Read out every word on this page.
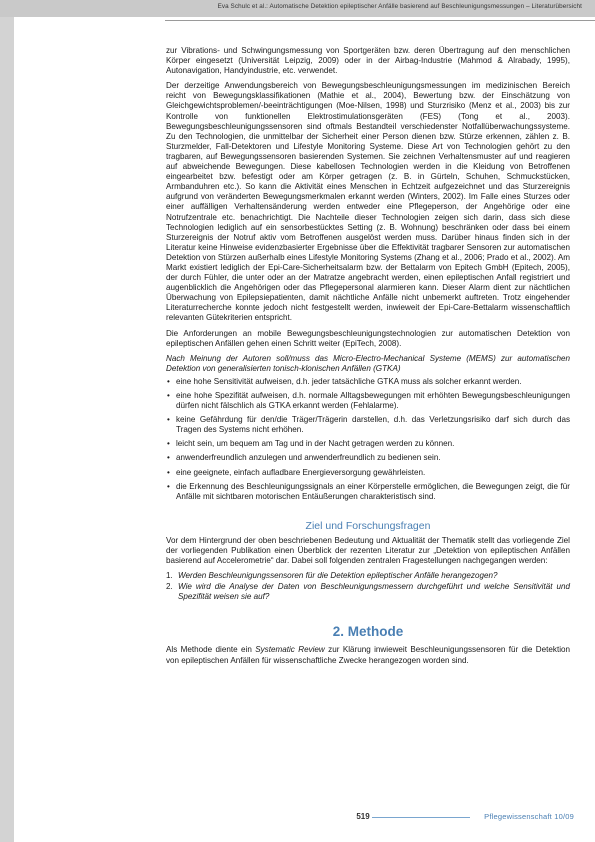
Eva Schulc et al.: Automatische Detektion epileptischer Anfälle basierend auf Beschleunigungsmessungen – Literaturübersicht

zur Vibrations- und Schwingungsmessung von Sportgeräten bzw. deren Übertragung auf den menschlichen Körper eingesetzt (Universität Leipzig, 2009) oder in der Airbag-Industrie (Mahmod & Alrabady, 1995), Autonavigation, Handyindustrie, etc. verwendet.

Der derzeitige Anwendungsbereich von Bewegungsbeschleunigungsmessungen im medizinischen Bereich reicht von Bewegungsklassifikationen (Mathie et al., 2004), Bewertung bzw. der Einschätzung von Gleichgewichtsproblemen/-beeinträchtigungen (Moe-Nilsen, 1998) und Sturzrisiko (Menz et al., 2003) bis zur Kontrolle von funktionellen Elektrostimulationsgeräten (FES) (Tong et al., 2003). Bewegungsbeschleunigungssensoren sind oftmals Bestandteil verschiedenster Notfallüberwachungssysteme. Zu den Technologien, die unmittelbar der Sicherheit einer Person dienen bzw. Stürze erkennen, zählen z. B. Sturzmelder, Fall-Detektoren und Lifestyle Monitoring Systeme. Diese Art von Technologien gehört zu den tragbaren, auf Bewegungssensoren basierenden Systemen. Sie zeichnen Verhaltensmuster auf und reagieren auf abweichende Bewegungen. Diese kabellosen Technologien werden in die Kleidung von Betroffenen eingearbeitet bzw. befestigt oder am Körper getragen (z. B. in Gürteln, Schuhen, Schmuckstücken, Armbanduhren etc.). So kann die Aktivität eines Menschen in Echtzeit aufgezeichnet und das Sturzereignis aufgrund von veränderten Bewegungsmerkmalen erkannt werden (Winters, 2002). Im Falle eines Sturzes oder einer auffälligen Verhaltensänderung werden entweder eine Pflegeperson, der Angehörige oder eine Notrufzentrale etc. benachrichtigt. Die Nachteile dieser Technologien zeigen sich darin, dass sich diese Technologien lediglich auf ein sensorbestücktes Setting (z. B. Wohnung) beschränken oder dass bei einem Sturzereignis der Notruf aktiv vom Betroffenen ausgelöst werden muss. Darüber hinaus finden sich in der Literatur keine Hinweise evidenzbasierter Ergebnisse über die Effektivität tragbarer Sensoren zur automatischen Detektion von Stürzen außerhalb eines Lifestyle Monitoring Systems (Zhang et al., 2006; Prado et al., 2002). Am Markt existiert lediglich der Epi-Care-Sicherheitsalarm bzw. der Bettalarm von Epitech GmbH (Epitech, 2005), der durch Fühler, die unter oder an der Matratze angebracht werden, einen epileptischen Anfall registriert und augenblicklich die Angehörigen oder das Pflegepersonal alarmieren kann. Dieser Alarm dient zur nächtlichen Überwachung von Epilepsiepatienten, damit nächtliche Anfälle nicht unbemerkt auftreten. Trotz eingehender Literaturrecherche konnte jedoch nicht festgestellt werden, inwieweit der Epi-Care-Bettalarm wissenschaftlich relevanten Gütekriterien entspricht.

Die Anforderungen an mobile Bewegungsbeschleunigungstechnologien zur automatischen Detektion von epileptischen Anfällen gehen einen Schritt weiter (EpiTech, 2008).

Nach Meinung der Autoren soll/muss das Micro-Electro-Mechanical Systeme (MEMS) zur automatischen Detektion von generalisierten tonisch-klonischen Anfällen (GTKA)

• eine hohe Sensitivität aufweisen, d.h. jeder tatsächliche GTKA muss als solcher erkannt werden.
• eine hohe Spezifität aufweisen, d.h. normale Alltagsbewegungen mit erhöhten Bewegungsbeschleunigungen dürfen nicht fälschlich als GTKA erkannt werden (Fehlalarme).
• keine Gefährdung für den/die Träger/Trägerin darstellen, d.h. das Verletzungsrisiko darf sich durch das Tragen des Systems nicht erhöhen.
• leicht sein, um bequem am Tag und in der Nacht getragen werden zu können.
• anwenderfreundlich anzulegen und anwenderfreundlich zu bedienen sein.
• eine geeignete, einfach aufladbare Energieversorgung gewährleisten.
• die Erkennung des Beschleunigungssignals an einer Körperstelle ermöglichen, die Bewegungen zeigt, die für Anfälle mit sichtbaren motorischen Entäußerungen charakteristisch sind.
Ziel und Forschungsfragen

Vor dem Hintergrund der oben beschriebenen Bedeutung und Aktualität der Thematik stellt das vorliegende Ziel der vorliegenden Publikation einen Überblick der rezenten Literatur zur „Detektion von epileptischen Anfällen basierend auf Accelerometrie“ dar. Dabei soll folgenden zentralen Fragestellungen nachgegangen werden:

1. Werden Beschleunigungssensoren für die Detektion epileptischer Anfälle herangezogen?
2. Wie wird die Analyse der Daten von Beschleunigungsmessern durchgeführt und welche Sensitivität und Spezifität weisen sie auf?
2. Methode

Als Methode diente ein Systematic Review zur Klärung inwieweit Beschleunigungssensoren für die Detektion von epileptischen Anfällen für wissenschaftliche Zwecke herangezogen worden sind.

519	Pflegewissenschaft 10/09
